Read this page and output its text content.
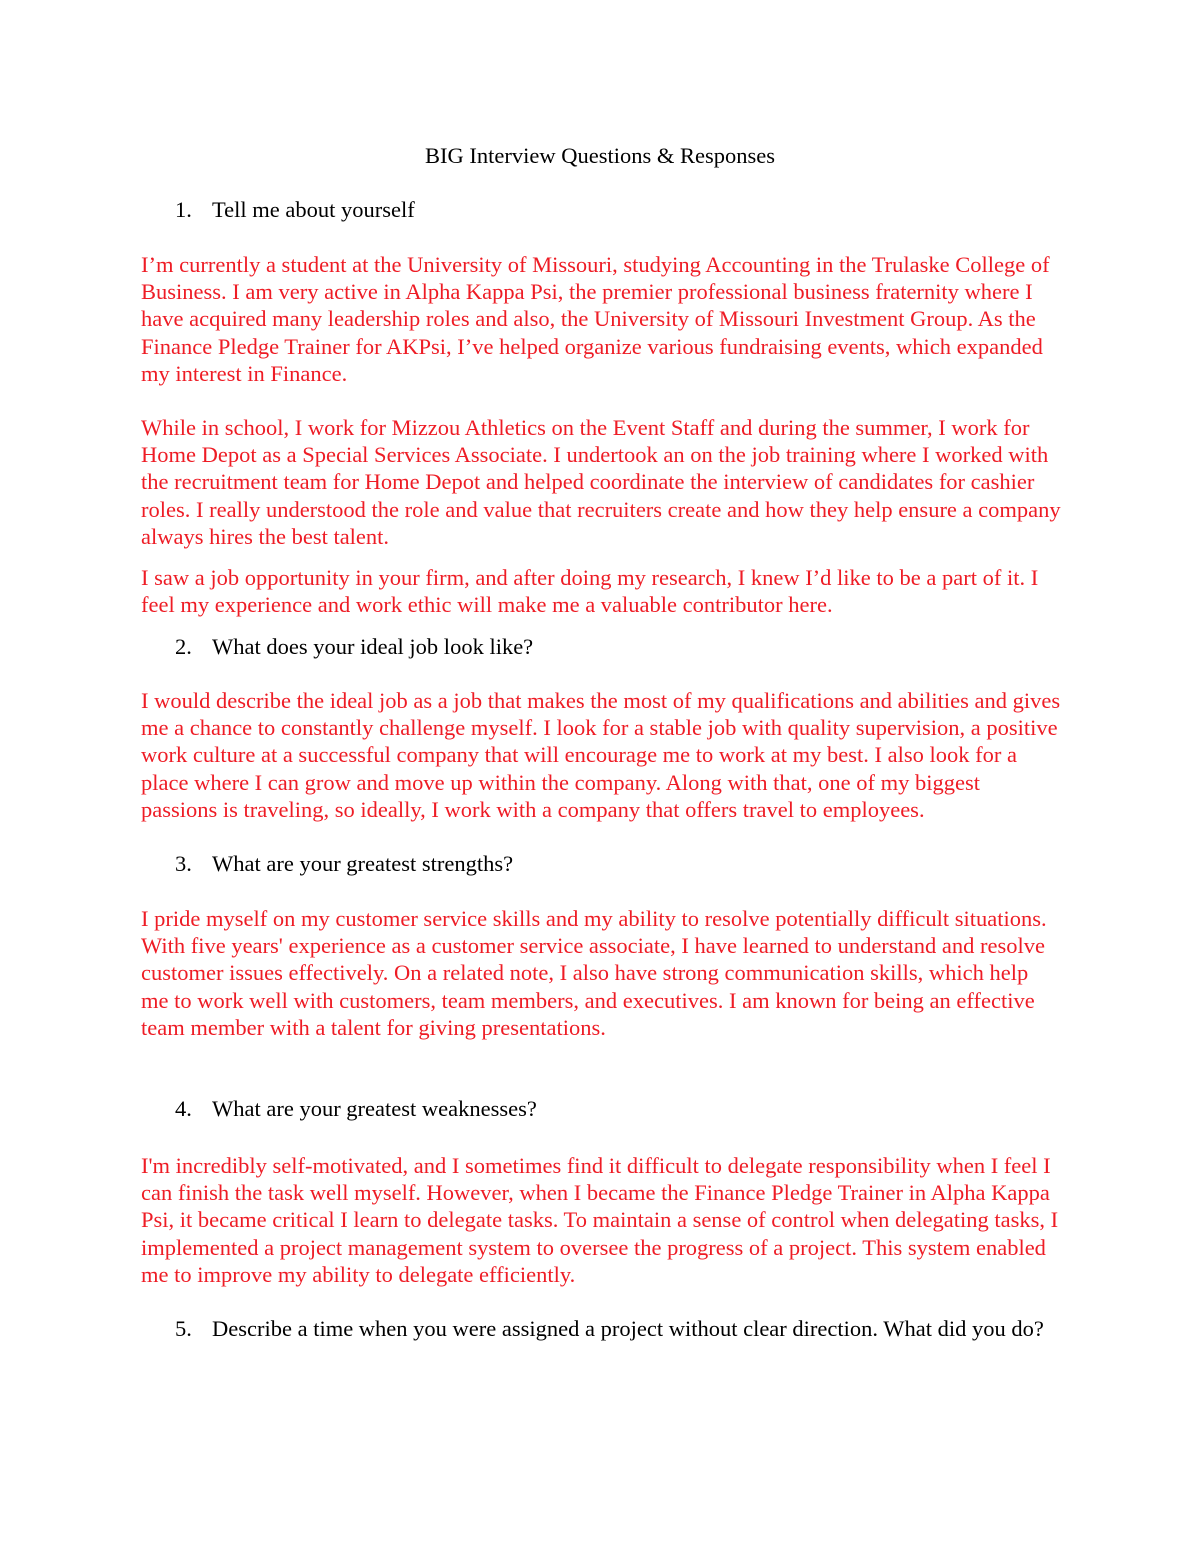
BIG Interview Questions & Responses
1. Tell me about yourself

I’m currently a student at the University of Missouri, studying Accounting in the Trulaske College of Business. I am very active in Alpha Kappa Psi, the premier professional business fraternity where I have acquired many leadership roles and also, the University of Missouri Investment Group. As the Finance Pledge Trainer for AKPsi, I’ve helped organize various fundraising events, which expanded my interest in Finance.

While in school, I work for Mizzou Athletics on the Event Staff and during the summer, I work for Home Depot as a Special Services Associate. I undertook an on the job training where I worked with the recruitment team for Home Depot and helped coordinate the interview of candidates for cashier roles. I really understood the role and value that recruiters create and how they help ensure a company always hires the best talent.

I saw a job opportunity in your firm, and after doing my research, I knew I’d like to be a part of it. I feel my experience and work ethic will make me a valuable contributor here.

2. What does your ideal job look like?

I would describe the ideal job as a job that makes the most of my qualifications and abilities and gives me a chance to constantly challenge myself. I look for a stable job with quality supervision, a positive work culture at a successful company that will encourage me to work at my best. I also look for a place where I can grow and move up within the company. Along with that, one of my biggest passions is traveling, so ideally, I work with a company that offers travel to employees.

3. What are your greatest strengths?

I pride myself on my customer service skills and my ability to resolve potentially difficult situations. With five years' experience as a customer service associate, I have learned to understand and resolve customer issues effectively. On a related note, I also have strong communication skills, which help me to work well with customers, team members, and executives. I am known for being an effective team member with a talent for giving presentations.

4. What are your greatest weaknesses?

I'm incredibly self-motivated, and I sometimes find it difficult to delegate responsibility when I feel I can finish the task well myself. However, when I became the Finance Pledge Trainer in Alpha Kappa Psi, it became critical I learn to delegate tasks. To maintain a sense of control when delegating tasks, I implemented a project management system to oversee the progress of a project. This system enabled me to improve my ability to delegate efficiently.

5. Describe a time when you were assigned a project without clear direction. What did you do?
